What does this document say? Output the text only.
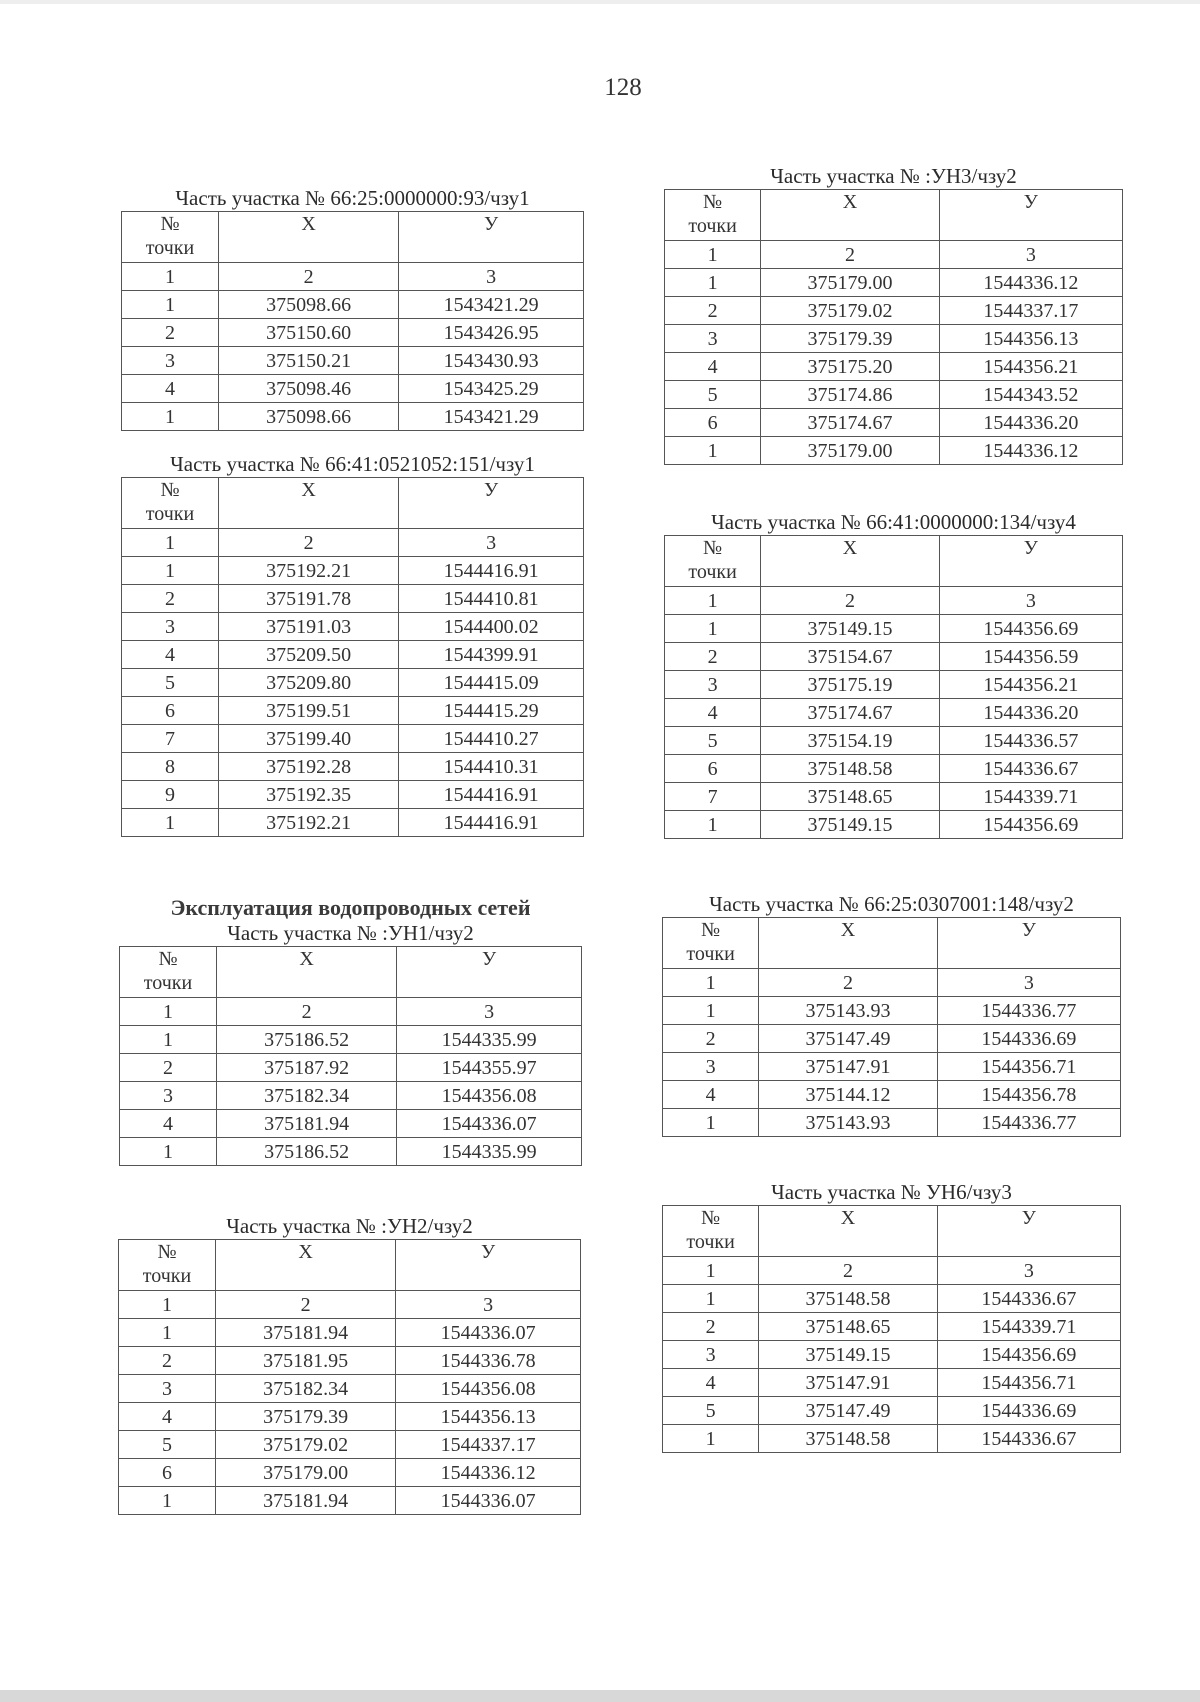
128
Часть участка № 66:25:0000000:93/чзу1
№
точки	X	У
1	2	3
1	375098.66	1543421.29
2	375150.60	1543426.95
3	375150.21	1543430.93
4	375098.46	1543425.29
1	375098.66	1543421.29
Часть участка № 66:41:0521052:151/чзу1
№
точки	X	У
1	2	3
1	375192.21	1544416.91
2	375191.78	1544410.81
3	375191.03	1544400.02
4	375209.50	1544399.91
5	375209.80	1544415.09
6	375199.51	1544415.29
7	375199.40	1544410.27
8	375192.28	1544410.31
9	375192.35	1544416.91
1	375192.21	1544416.91
Эксплуатация водопроводных сетей
Часть участка № :УН1/чзу2
№
точки	X	У
1	2	3
1	375186.52	1544335.99
2	375187.92	1544355.97
3	375182.34	1544356.08
4	375181.94	1544336.07
1	375186.52	1544335.99
Часть участка № :УН2/чзу2
№
точки	X	У
1	2	3
1	375181.94	1544336.07
2	375181.95	1544336.78
3	375182.34	1544356.08
4	375179.39	1544356.13
5	375179.02	1544337.17
6	375179.00	1544336.12
1	375181.94	1544336.07
Часть участка № :УН3/чзу2
№
точки	X	У
1	2	3
1	375179.00	1544336.12
2	375179.02	1544337.17
3	375179.39	1544356.13
4	375175.20	1544356.21
5	375174.86	1544343.52
6	375174.67	1544336.20
1	375179.00	1544336.12
Часть участка № 66:41:0000000:134/чзу4
№
точки	X	У
1	2	3
1	375149.15	1544356.69
2	375154.67	1544356.59
3	375175.19	1544356.21
4	375174.67	1544336.20
5	375154.19	1544336.57
6	375148.58	1544336.67
7	375148.65	1544339.71
1	375149.15	1544356.69
Часть участка № 66:25:0307001:148/чзу2
№
точки	X	У
1	2	3
1	375143.93	1544336.77
2	375147.49	1544336.69
3	375147.91	1544356.71
4	375144.12	1544356.78
1	375143.93	1544336.77
Часть участка № УН6/чзу3
№
точки	X	У
1	2	3
1	375148.58	1544336.67
2	375148.65	1544339.71
3	375149.15	1544356.69
4	375147.91	1544356.71
5	375147.49	1544336.69
1	375148.58	1544336.67
